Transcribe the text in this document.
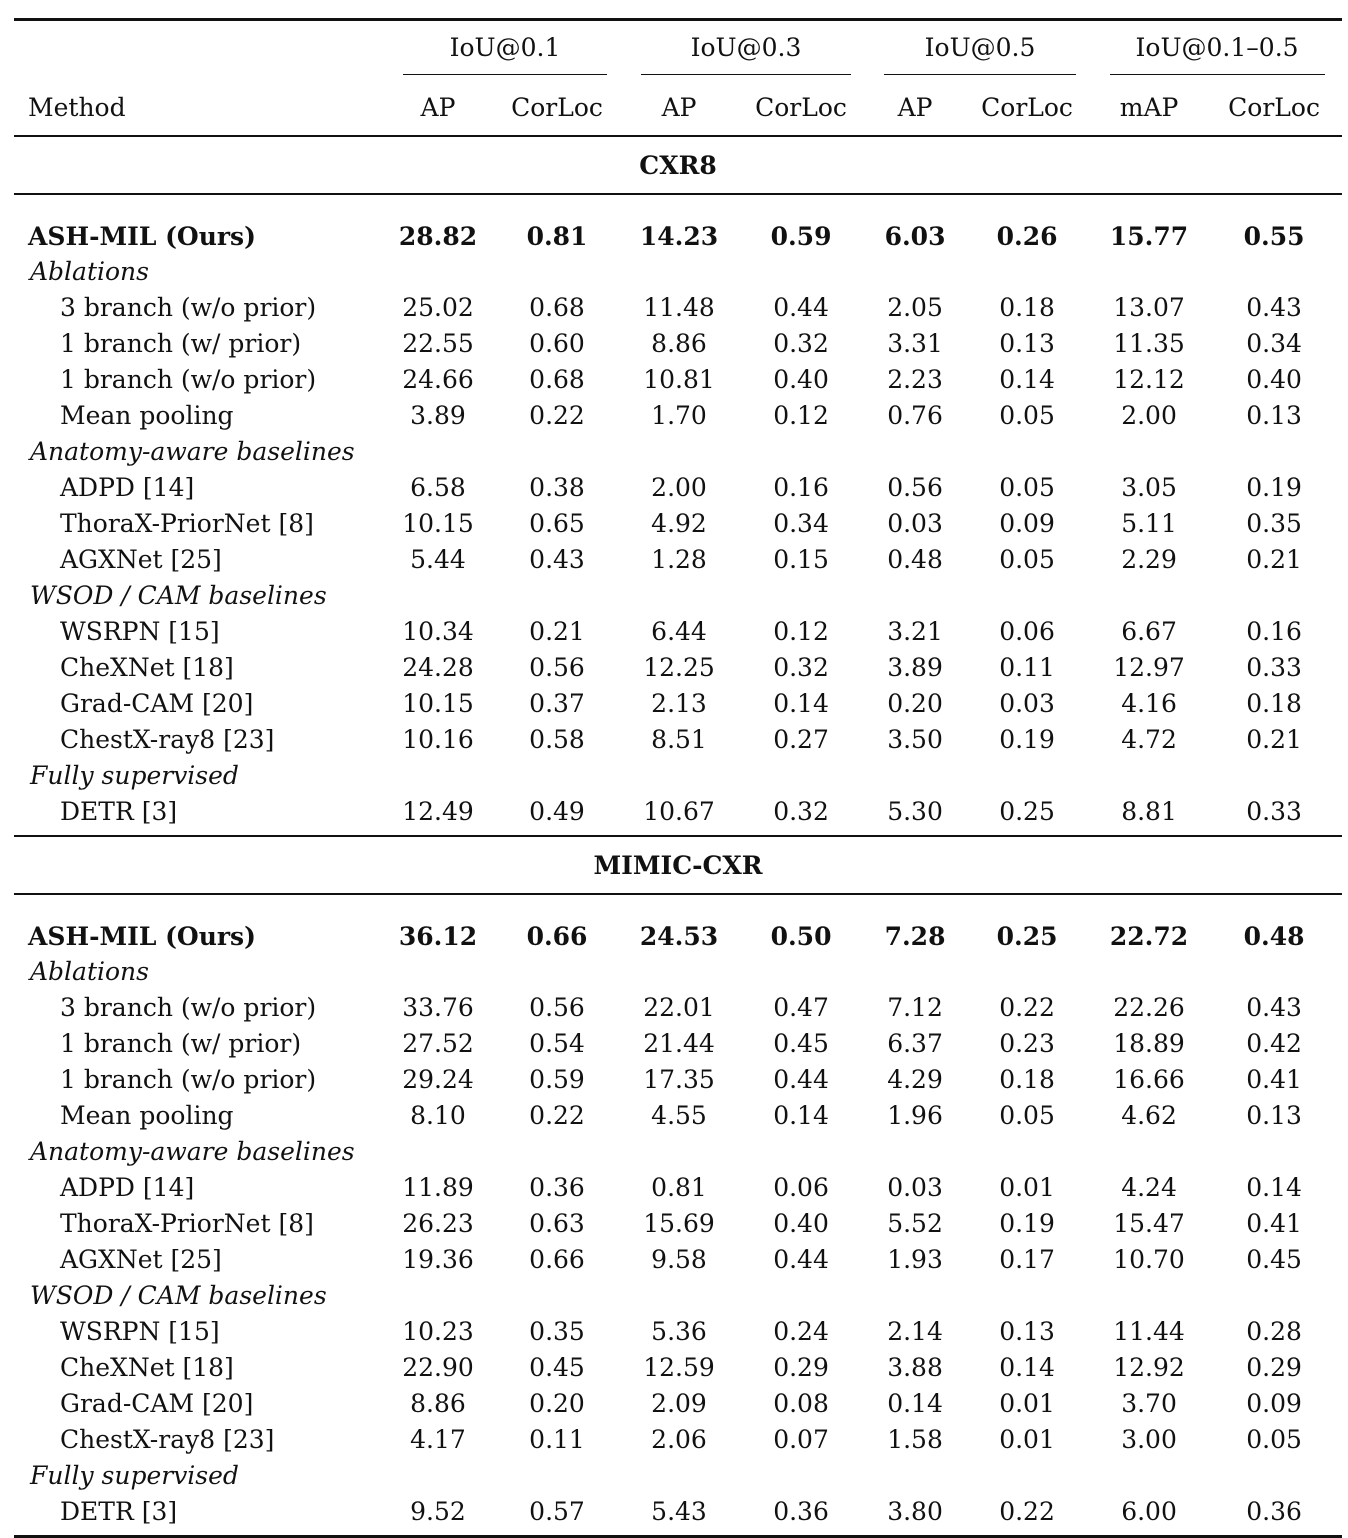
	IoU@0.1		IoU@0.3		IoU@0.5		IoU@0.1–0.5	
Method	AP	CorLoc	AP	CorLoc	AP	CorLoc	mAP	CorLoc
CXR8								
ASH-MIL (Ours)	28.82	0.81	14.23	0.59	6.03	0.26	15.77	0.55
Ablations								
3 branch (w/o prior)	25.02	0.68	11.48	0.44	2.05	0.18	13.07	0.43
1 branch (w/ prior)	22.55	0.60	8.86	0.32	3.31	0.13	11.35	0.34
1 branch (w/o prior)	24.66	0.68	10.81	0.40	2.23	0.14	12.12	0.40
Mean pooling	3.89	0.22	1.70	0.12	0.76	0.05	2.00	0.13
Anatomy-aware baselines								
ADPD [14]	6.58	0.38	2.00	0.16	0.56	0.05	3.05	0.19
ThoraX-PriorNet [8]	10.15	0.65	4.92	0.34	0.03	0.09	5.11	0.35
AGXNet [25]	5.44	0.43	1.28	0.15	0.48	0.05	2.29	0.21
WSOD / CAM baselines								
WSRPN [15]	10.34	0.21	6.44	0.12	3.21	0.06	6.67	0.16
CheXNet [18]	24.28	0.56	12.25	0.32	3.89	0.11	12.97	0.33
Grad-CAM [20]	10.15	0.37	2.13	0.14	0.20	0.03	4.16	0.18
ChestX-ray8 [23]	10.16	0.58	8.51	0.27	3.50	0.19	4.72	0.21
Fully supervised								
DETR [3]	12.49	0.49	10.67	0.32	5.30	0.25	8.81	0.33
MIMIC-CXR								
ASH-MIL (Ours)	36.12	0.66	24.53	0.50	7.28	0.25	22.72	0.48
Ablations								
3 branch (w/o prior)	33.76	0.56	22.01	0.47	7.12	0.22	22.26	0.43
1 branch (w/ prior)	27.52	0.54	21.44	0.45	6.37	0.23	18.89	0.42
1 branch (w/o prior)	29.24	0.59	17.35	0.44	4.29	0.18	16.66	0.41
Mean pooling	8.10	0.22	4.55	0.14	1.96	0.05	4.62	0.13
Anatomy-aware baselines								
ADPD [14]	11.89	0.36	0.81	0.06	0.03	0.01	4.24	0.14
ThoraX-PriorNet [8]	26.23	0.63	15.69	0.40	5.52	0.19	15.47	0.41
AGXNet [25]	19.36	0.66	9.58	0.44	1.93	0.17	10.70	0.45
WSOD / CAM baselines								
WSRPN [15]	10.23	0.35	5.36	0.24	2.14	0.13	11.44	0.28
CheXNet [18]	22.90	0.45	12.59	0.29	3.88	0.14	12.92	0.29
Grad-CAM [20]	8.86	0.20	2.09	0.08	0.14	0.01	3.70	0.09
ChestX-ray8 [23]	4.17	0.11	2.06	0.07	1.58	0.01	3.00	0.05
Fully supervised								
DETR [3]	9.52	0.57	5.43	0.36	3.80	0.22	6.00	0.36
